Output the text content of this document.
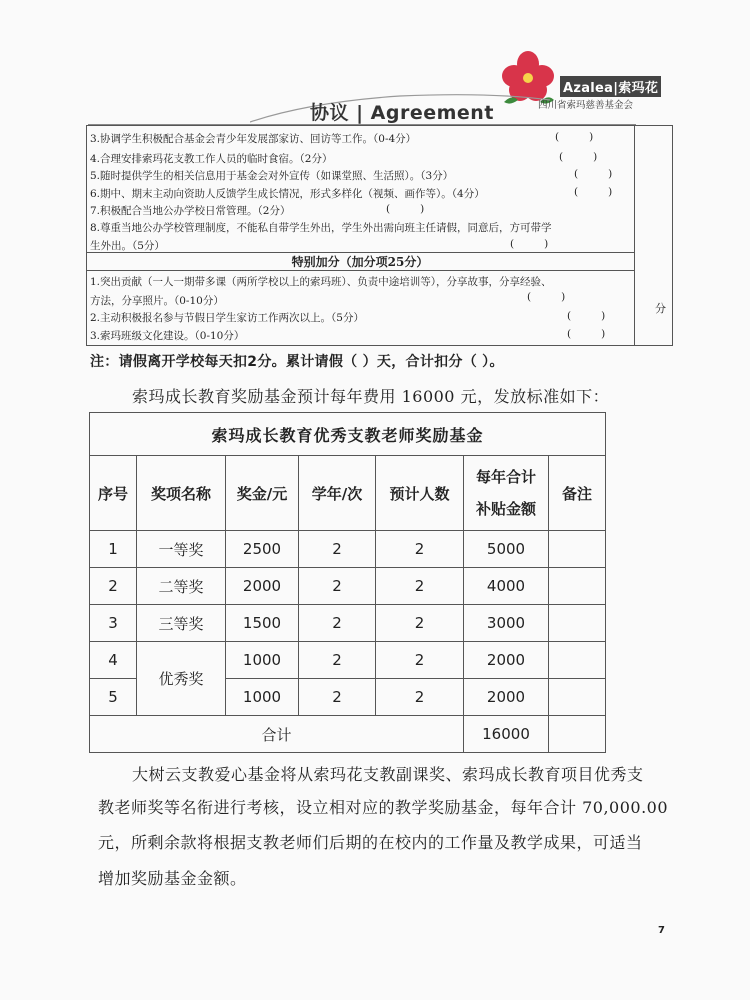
Azalea|索玛花
四川省索玛慈善基金会
协议 | Agreement
3.协调学生积极配合基金会青少年发展部家访、回访等工作。（0-4分）	(         )
4.合理安排索玛花支教工作人员的临时食宿。（2分）	(         )
5.随时提供学生的相关信息用于基金会对外宣传（如课堂照、生活照）。（3分）	(         )
6.期中、期末主动向资助人反馈学生成长情况，形式多样化（视频、画作等）。（4分）	(         )
7.积极配合当地公办学校日常管理。（2分）	(         )
8.尊重当地公办学校管理制度，不能私自带学生外出，学生外出需向班主任请假，同意后，方可带学
生外出。（5分）	(         )
特别加分（加分项25分）
1.突出贡献（一人一期带多课（两所学校以上的索玛班）、负责中途培训等），分享故事，分享经验、
方法，分享照片。（0-10分）	(         )
2.主动积极报名参与节假日学生家访工作两次以上。（5分）	(         )
3.索玛班级文化建设。（0-10分）	(         )
分
注：请假离开学校每天扣2分。累计请假（ ）天，合计扣分（ ）。
索玛成长教育奖励基金预计每年费用 16000 元，发放标准如下：
索玛成长教育优秀支教老师奖励基金						
序号	奖项名称	奖金/元	学年/次	预计人数	每年合计
补贴金额	备注
1	一等奖	2500	2	2	5000	
2	二等奖	2000	2	2	4000	
3	三等奖	1500	2	2	3000	
4	优秀奖	1000	2	2	2000	
5		1000	2	2	2000	
合计					16000	
大树云支教爱心基金将从索玛花支教副课奖、索玛成长教育项目优秀支
教老师奖等名衔进行考核，设立相对应的教学奖励基金，每年合计 70,000.00
元，所剩余款将根据支教老师们后期的在校内的工作量及教学成果，可适当
增加奖励基金金额。
7
